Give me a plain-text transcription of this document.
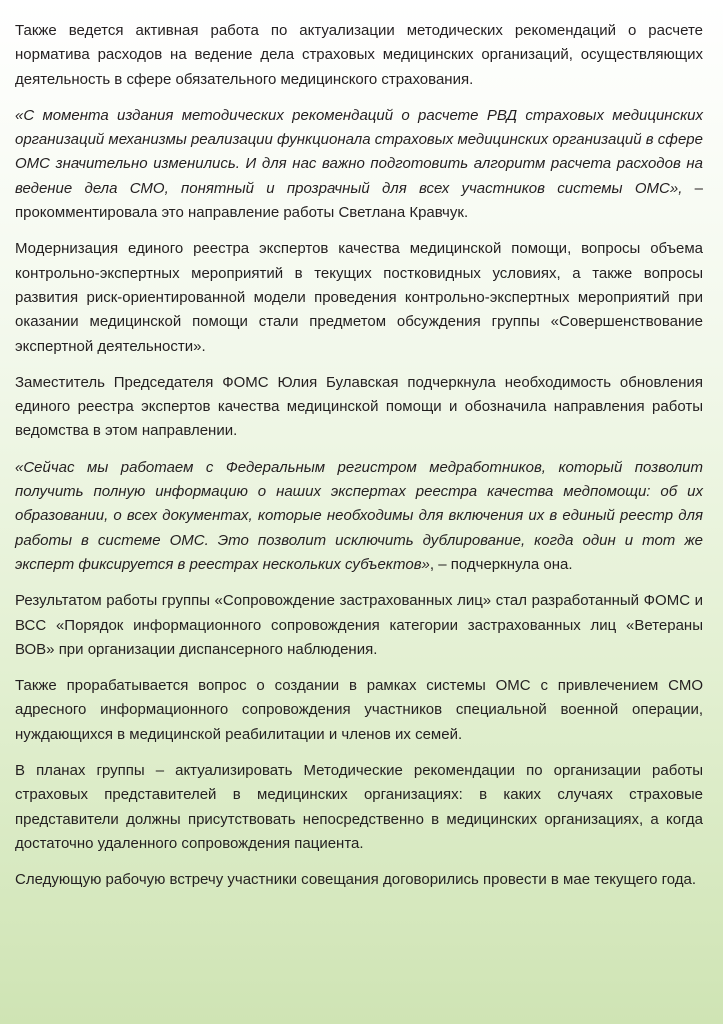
Также ведется активная работа по актуализации методических рекомендаций о расчете норматива расходов на ведение дела страховых медицинских организаций, осуществляющих деятельность в сфере обязательного медицинского страхования.

«С момента издания методических рекомендаций о расчете РВД страховых медицинских организаций механизмы реализации функционала страховых медицинских организаций в сфере ОМС значительно изменились. И для нас важно подготовить алгоритм расчета расходов на ведение дела СМО, понятный и прозрачный для всех участников системы ОМС», – прокомментировала это направление работы Светлана Кравчук.

Модернизация единого реестра экспертов качества медицинской помощи, вопросы объема контрольно-экспертных мероприятий в текущих постковидных условиях, а также вопросы развития риск-ориентированной модели проведения контрольно-экспертных мероприятий при оказании медицинской помощи стали предметом обсуждения группы «Совершенствование экспертной деятельности».

Заместитель Председателя ФОМС Юлия Булавская подчеркнула необходимость обновления единого реестра экспертов качества медицинской помощи и обозначила направления работы ведомства в этом направлении.

«Сейчас мы работаем с Федеральным регистром медработников, который позволит получить полную информацию о наших экспертах реестра качества медпомощи: об их образовании, о всех документах, которые необходимы для включения их в единый реестр для работы в системе ОМС. Это позволит исключить дублирование, когда один и тот же эксперт фиксируется в реестрах нескольких субъектов», – подчеркнула она.

Результатом работы группы «Сопровождение застрахованных лиц» стал разработанный ФОМС и ВСС «Порядок информационного сопровождения категории застрахованных лиц «Ветераны ВОВ» при организации диспансерного наблюдения.

Также прорабатывается вопрос о создании в рамках системы ОМС с привлечением СМО адресного информационного сопровождения участников специальной военной операции, нуждающихся в медицинской реабилитации и членов их семей.

В планах группы – актуализировать Методические рекомендации по организации работы страховых представителей в медицинских организациях: в каких случаях страховые представители должны присутствовать непосредственно в медицинских организациях, а когда достаточно удаленного сопровождения пациента.

Следующую рабочую встречу участники совещания договорились провести в мае текущего года.
